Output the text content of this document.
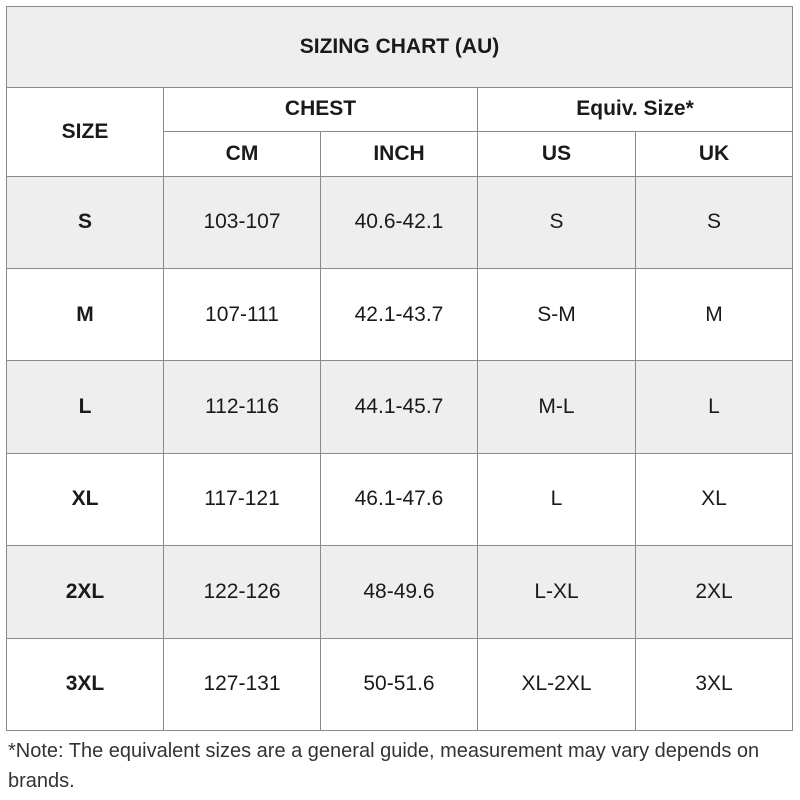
SIZING CHART (AU)				
SIZE	CHEST		Equiv. Size*	
	CM	INCH	US	UK
S	103-107	40.6-42.1	S	S
M	107-111	42.1-43.7	S-M	M
L	112-116	44.1-45.7	M-L	L
XL	117-121	46.1-47.6	L	XL
2XL	122-126	48-49.6	L-XL	2XL
3XL	127-131	50-51.6	XL-2XL	3XL
*Note: The equivalent sizes are a general guide, measurement may vary depends on brands.
